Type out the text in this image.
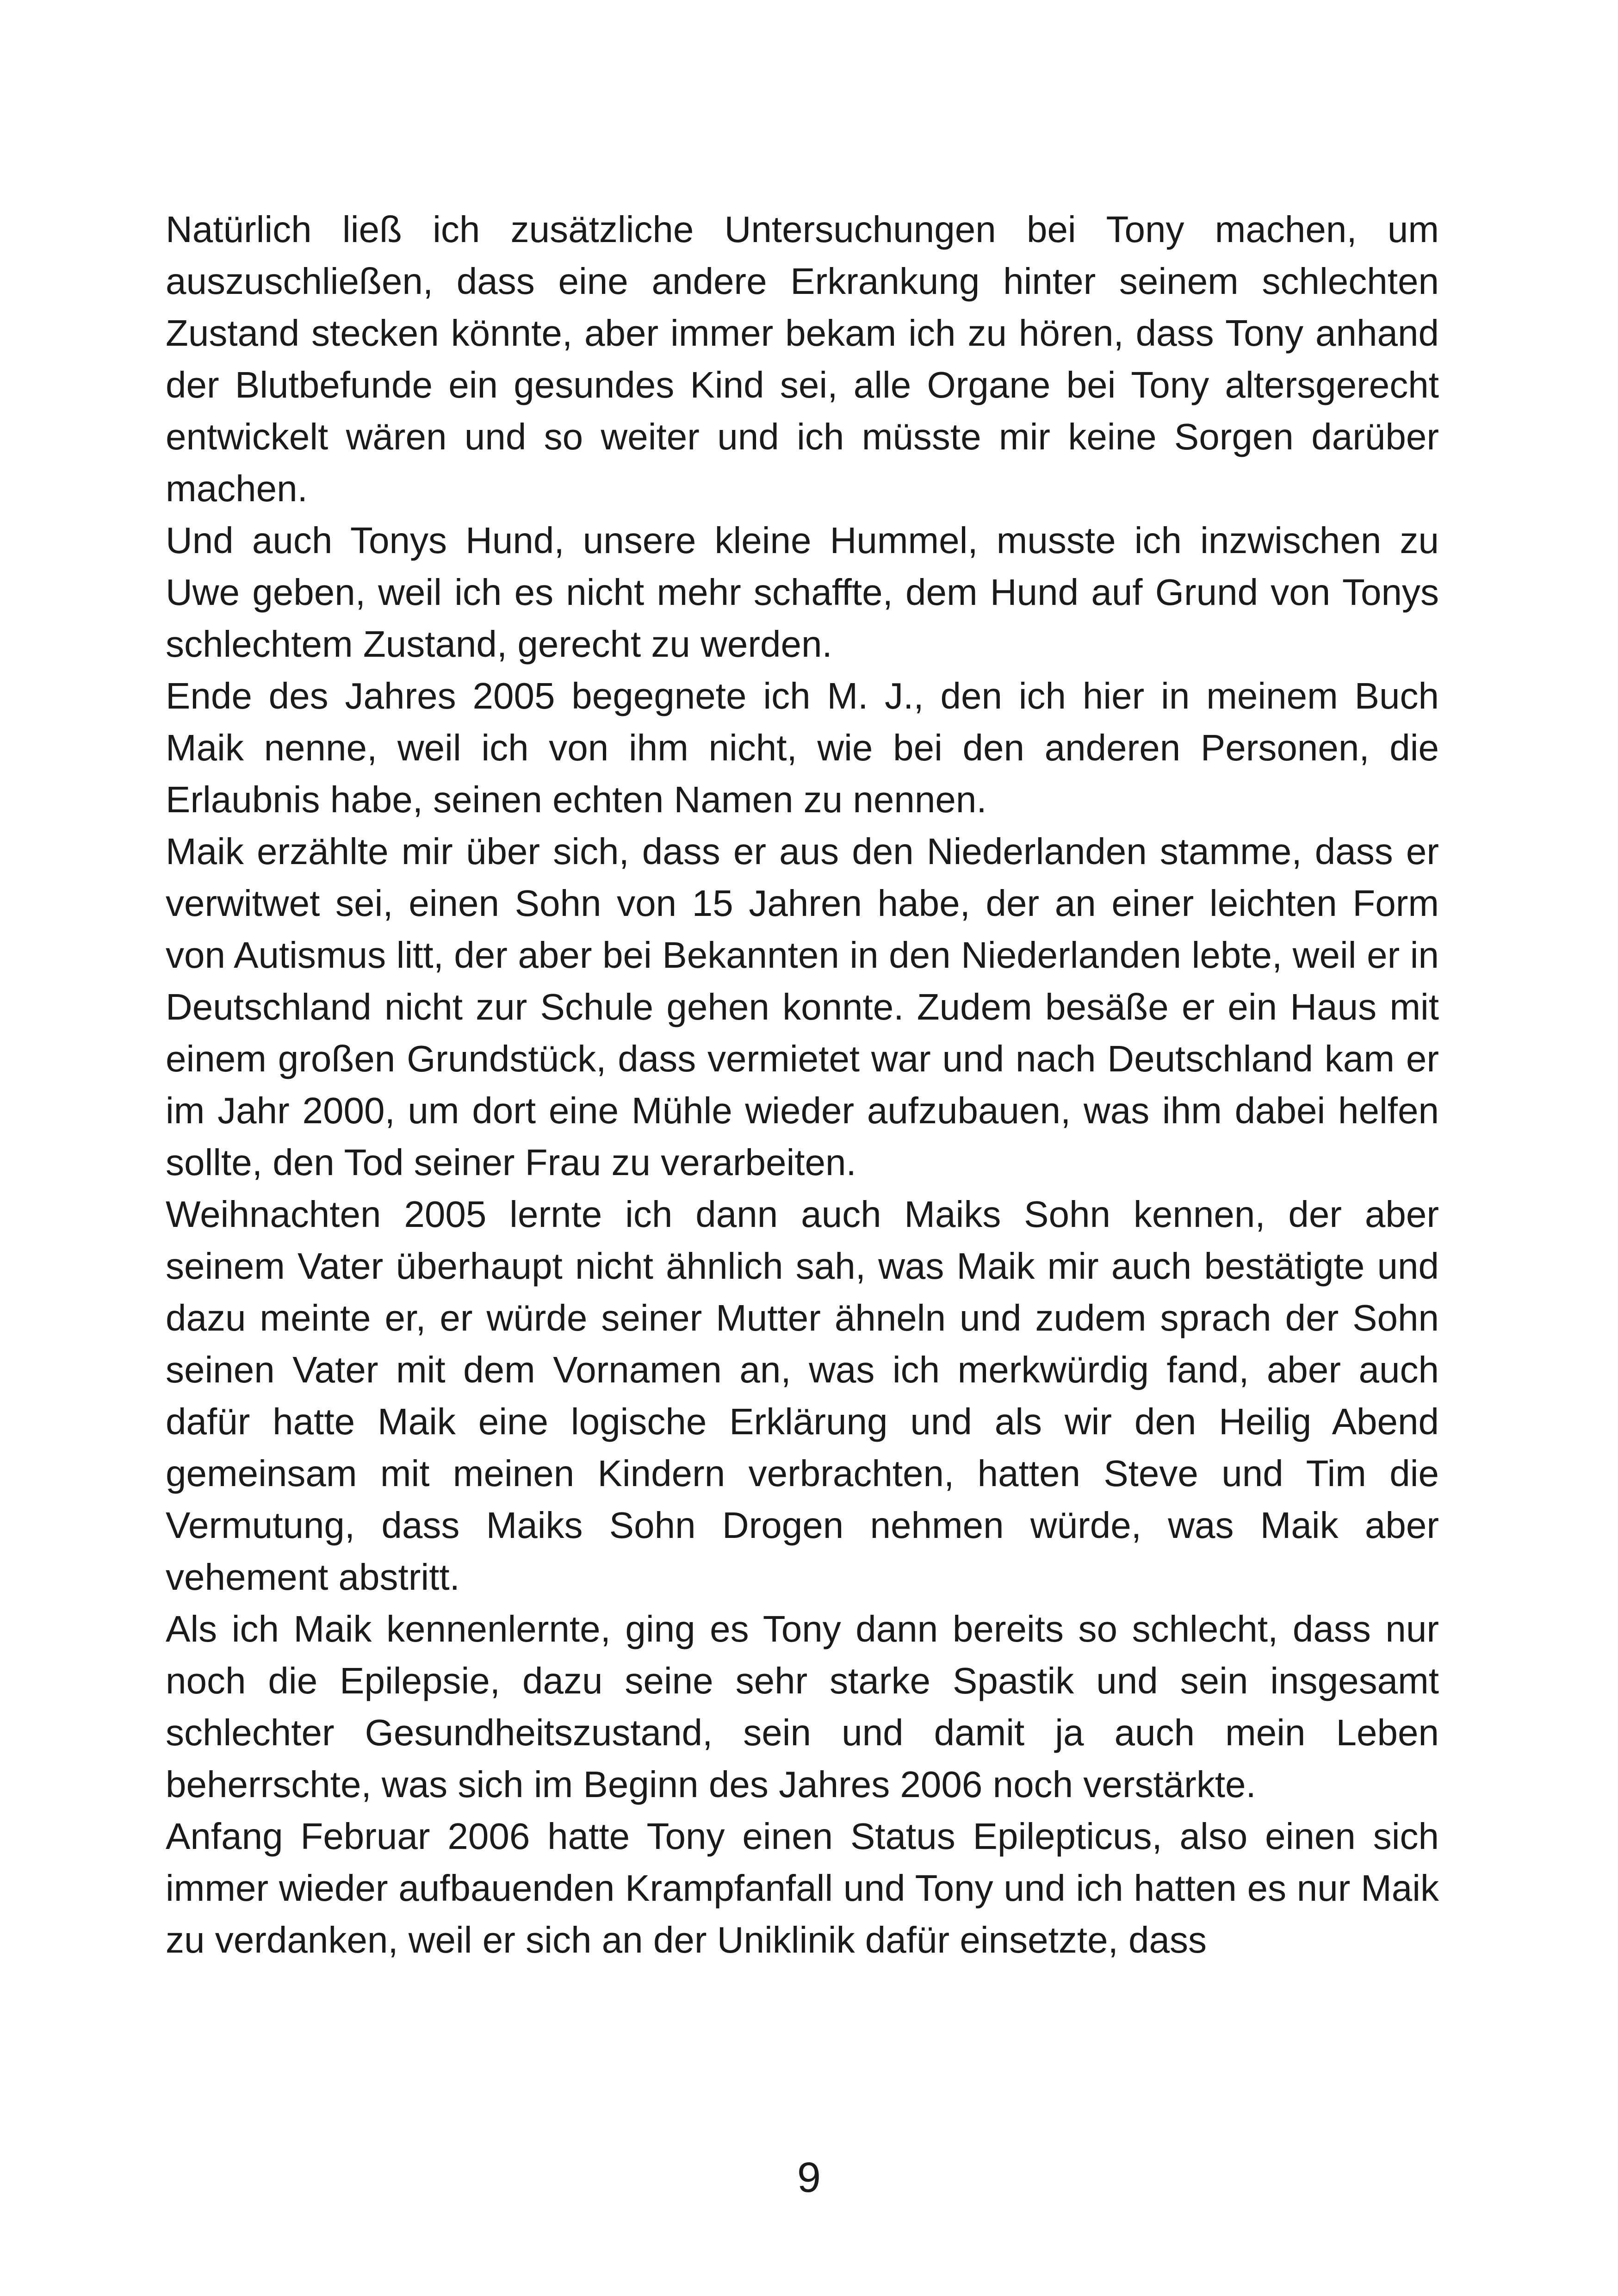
Natürlich ließ ich zusätzliche Untersuchungen bei Tony machen, um auszuschließen, dass eine andere Erkrankung hinter seinem schlechten Zustand stecken könnte, aber immer bekam ich zu hören, dass Tony anhand der Blutbefunde ein gesundes Kind sei, alle Organe bei Tony altersgerecht entwickelt wären und so weiter und ich müsste mir keine Sorgen darüber machen.

Und auch Tonys Hund, unsere kleine Hummel, musste ich inzwischen zu Uwe geben, weil ich es nicht mehr schaffte, dem Hund auf Grund von Tonys schlechtem Zustand, gerecht zu werden.

Ende des Jahres 2005 begegnete ich M. J., den ich hier in meinem Buch Maik nenne, weil ich von ihm nicht, wie bei den anderen Personen, die Erlaubnis habe, seinen echten Namen zu nennen.

Maik erzählte mir über sich, dass er aus den Niederlanden stamme, dass er verwitwet sei, einen Sohn von 15 Jahren habe, der an einer leichten Form von Autismus litt, der aber bei Bekannten in den Niederlanden lebte, weil er in Deutschland nicht zur Schule gehen konnte. Zudem besäße er ein Haus mit einem großen Grundstück, dass vermietet war und nach Deutschland kam er im Jahr 2000, um dort eine Mühle wieder aufzubauen, was ihm dabei helfen sollte, den Tod seiner Frau zu verarbeiten.

Weihnachten 2005 lernte ich dann auch Maiks Sohn kennen, der aber seinem Vater überhaupt nicht ähnlich sah, was Maik mir auch bestätigte und dazu meinte er, er würde seiner Mutter ähneln und zudem sprach der Sohn seinen Vater mit dem Vornamen an, was ich merkwürdig fand, aber auch dafür hatte Maik eine logische Erklärung und als wir den Heilig Abend gemeinsam mit meinen Kindern verbrachten, hatten Steve und Tim die Vermutung, dass Maiks Sohn Drogen nehmen würde, was Maik aber vehement abstritt.

Als ich Maik kennenlernte, ging es Tony dann bereits so schlecht, dass nur noch die Epilepsie, dazu seine sehr starke Spastik und sein insgesamt schlechter Gesundheitszustand, sein und damit ja auch mein Leben beherrschte, was sich im Beginn des Jahres 2006 noch verstärkte.

Anfang Februar 2006 hatte Tony einen Status Epilepticus, also einen sich immer wieder aufbauenden Krampfanfall und Tony und ich hatten es nur Maik zu verdanken, weil er sich an der Uniklinik dafür einsetzte, dass

9
